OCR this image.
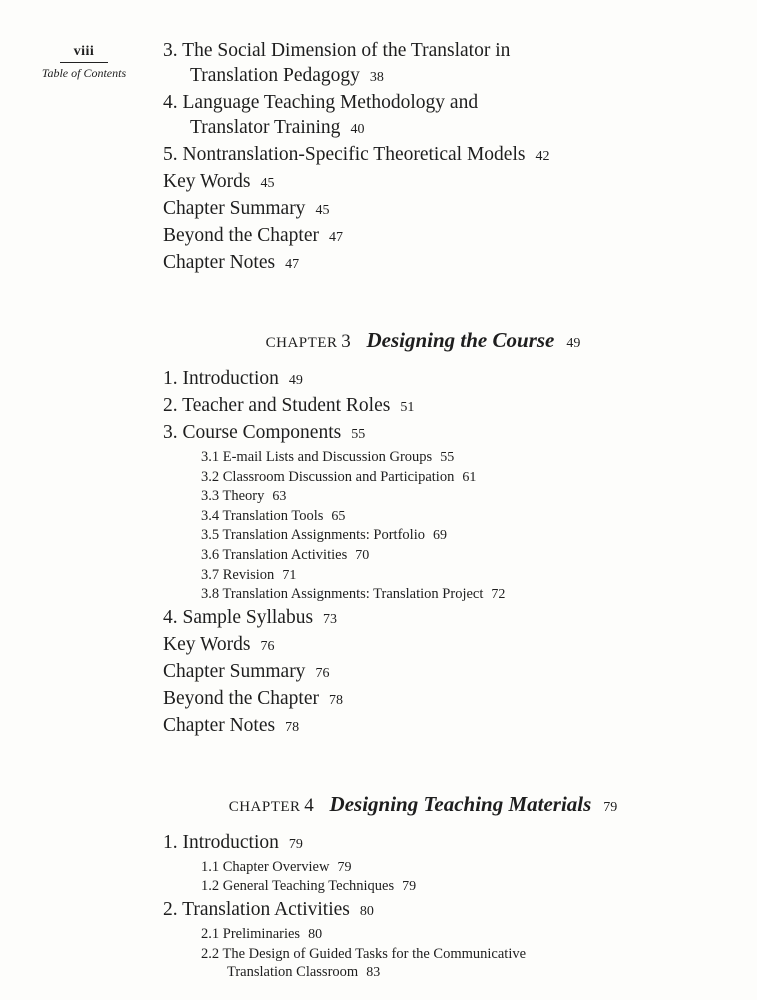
viii
Table of Contents
3. The Social Dimension of the Translator in
Translation Pedagogy 38
4. Language Teaching Methodology and
Translator Training 40
5. Nontranslation-Specific Theoretical Models 42
Key Words 45
Chapter Summary 45
Beyond the Chapter 47
Chapter Notes 47
CHAPTER 3 Designing the Course 49
1. Introduction 49
2. Teacher and Student Roles 51
3. Course Components 55
3.1 E-mail Lists and Discussion Groups 55
3.2 Classroom Discussion and Participation 61
3.3 Theory 63
3.4 Translation Tools 65
3.5 Translation Assignments: Portfolio 69
3.6 Translation Activities 70
3.7 Revision 71
3.8 Translation Assignments: Translation Project 72
4. Sample Syllabus 73
Key Words 76
Chapter Summary 76
Beyond the Chapter 78
Chapter Notes 78
CHAPTER 4 Designing Teaching Materials 79
1. Introduction 79
1.1 Chapter Overview 79
1.2 General Teaching Techniques 79
2. Translation Activities 80
2.1 Preliminaries 80
2.2 The Design of Guided Tasks for the Communicative
Translation Classroom 83
